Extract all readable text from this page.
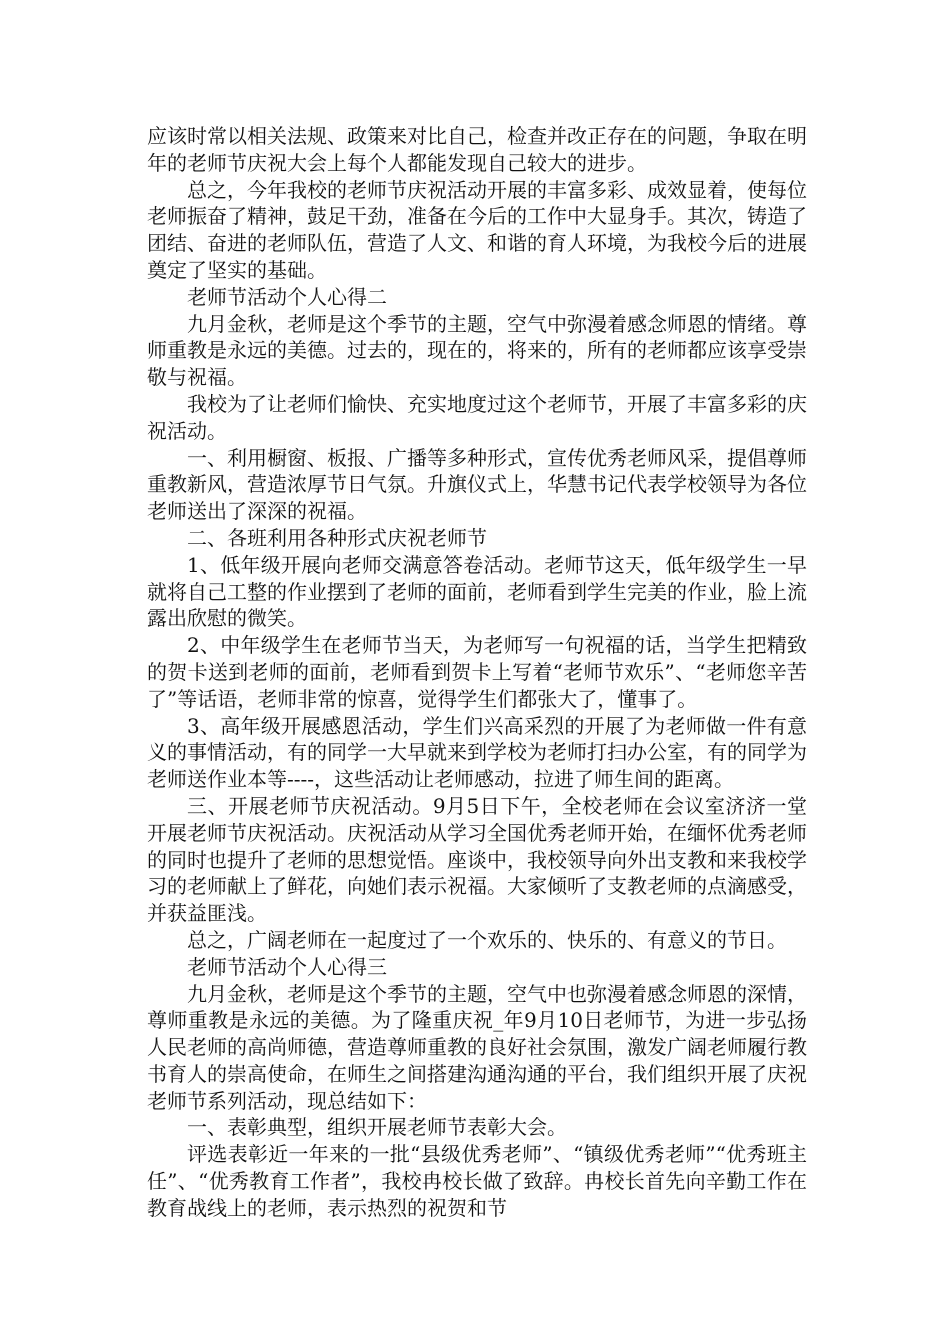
应该时常以相关法规、政策来对比自己，检查并改正存在的问题，争取在明年的老师节庆祝大会上每个人都能发现自己较大的进步。

总之，今年我校的老师节庆祝活动开展的丰富多彩、成效显着，使每位老师振奋了精神，鼓足干劲，准备在今后的工作中大显身手。其次，铸造了团结、奋进的老师队伍，营造了人文、和谐的育人环境，为我校今后的进展奠定了坚实的基础。

老师节活动个人心得二

九月金秋，老师是这个季节的主题，空气中弥漫着感念师恩的情绪。尊师重教是永远的美德。过去的，现在的，将来的，所有的老师都应该享受崇敬与祝福。

我校为了让老师们愉快、充实地度过这个老师节，开展了丰富多彩的庆祝活动。

一、利用橱窗、板报、广播等多种形式，宣传优秀老师风采，提倡尊师重教新风，营造浓厚节日气氛。升旗仪式上，华慧书记代表学校领导为各位老师送出了深深的祝福。

二、各班利用各种形式庆祝老师节

1、低年级开展向老师交满意答卷活动。老师节这天，低年级学生一早就将自己工整的作业摆到了老师的面前，老师看到学生完美的作业，脸上流露出欣慰的微笑。

2、中年级学生在老师节当天，为老师写一句祝福的话，当学生把精致的贺卡送到老师的面前，老师看到贺卡上写着“老师节欢乐”、“老师您辛苦了”等话语，老师非常的惊喜，觉得学生们都张大了，懂事了。

3、高年级开展感恩活动，学生们兴高采烈的开展了为老师做一件有意义的事情活动，有的同学一大早就来到学校为老师打扫办公室，有的同学为老师送作业本等----，这些活动让老师感动，拉进了师生间的距离。

三、开展老师节庆祝活动。9月5日下午，全校老师在会议室济济一堂开展老师节庆祝活动。庆祝活动从学习全国优秀老师开始，在缅怀优秀老师的同时也提升了老师的思想觉悟。座谈中，我校领导向外出支教和来我校学习的老师献上了鲜花，向她们表示祝福。大家倾听了支教老师的点滴感受，并获益匪浅。

总之，广阔老师在一起度过了一个欢乐的、快乐的、有意义的节日。

老师节活动个人心得三

九月金秋，老师是这个季节的主题，空气中也弥漫着感念师恩的深情，尊师重教是永远的美德。为了隆重庆祝_年9月10日老师节，为进一步弘扬人民老师的高尚师德，营造尊师重教的良好社会氛围，激发广阔老师履行教书育人的崇高使命，在师生之间搭建沟通沟通的平台，我们组织开展了庆祝老师节系列活动，现总结如下：

一、表彰典型，组织开展老师节表彰大会。

评选表彰近一年来的一批“县级优秀老师”、“镇级优秀老师”“优秀班主任”、“优秀教育工作者”，我校冉校长做了致辞。冉校长首先向辛勤工作在教育战线上的老师，表示热烈的祝贺和节
